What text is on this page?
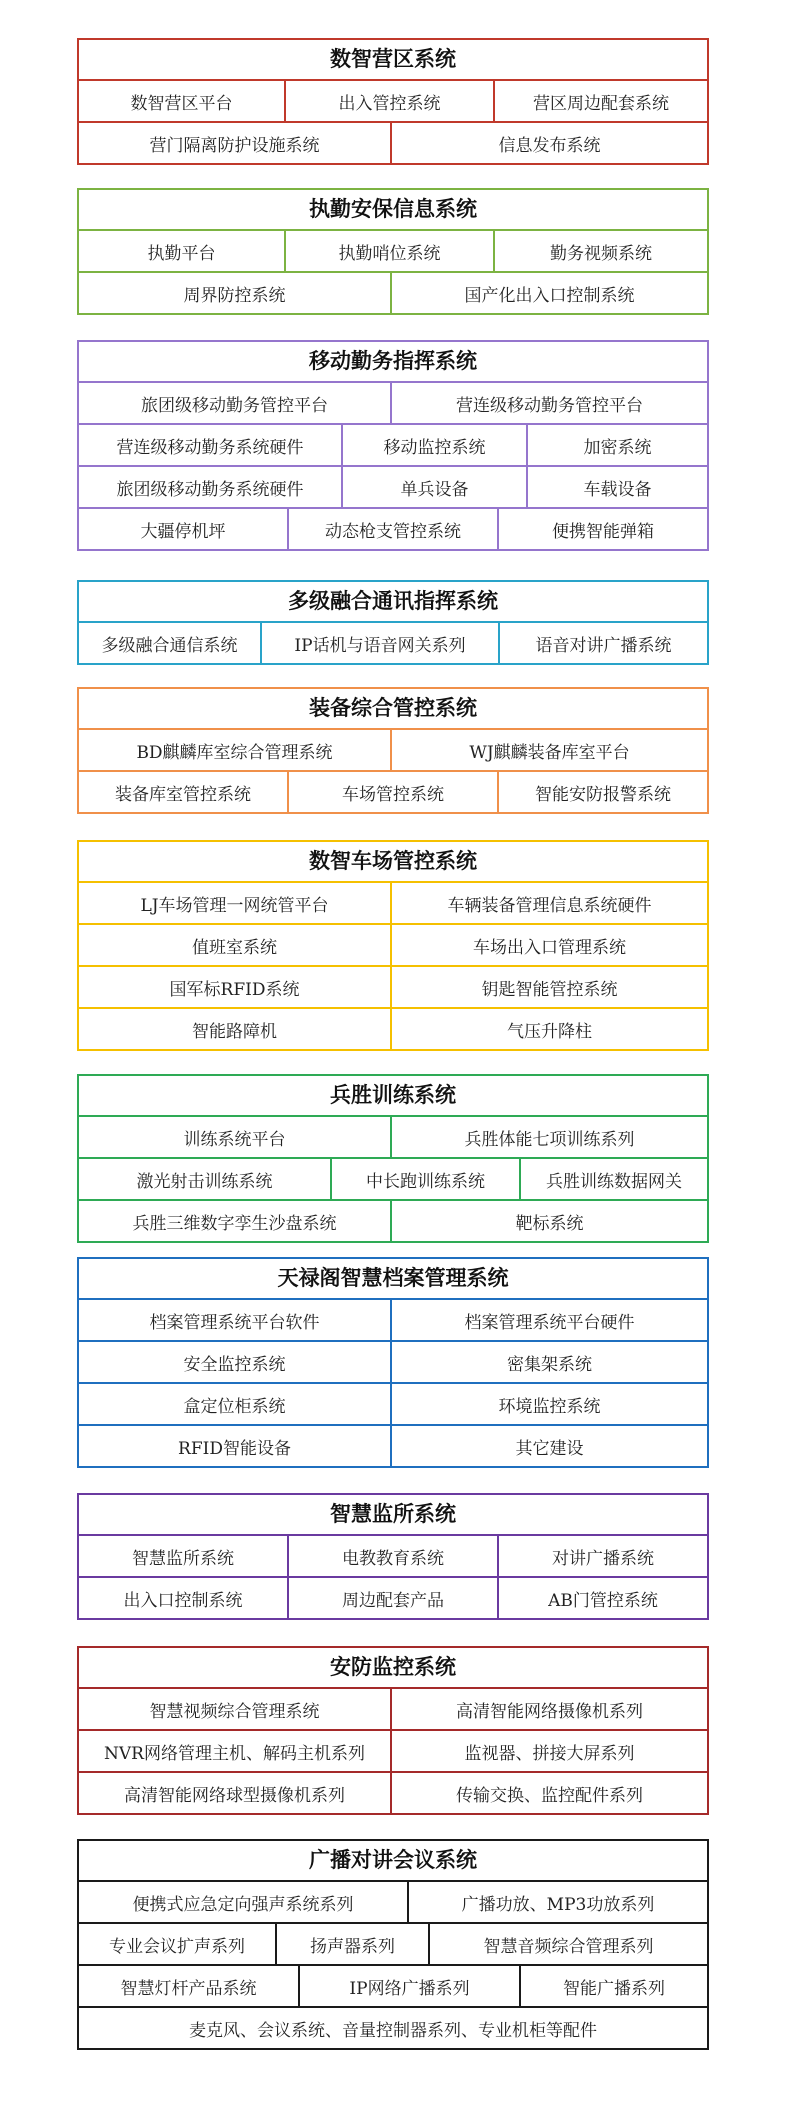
数智营区系统
数智营区平台	出入管控系统	营区周边配套系统
营门隔离防护设施系统	信息发布系统
执勤安保信息系统
执勤平台	执勤哨位系统	勤务视频系统
周界防控系统	国产化出入口控制系统
移动勤务指挥系统
旅团级移动勤务管控平台	营连级移动勤务管控平台
营连级移动勤务系统硬件	移动监控系统	加密系统
旅团级移动勤务系统硬件	单兵设备	车载设备
大疆停机坪	动态枪支管控系统	便携智能弹箱
多级融合通讯指挥系统
多级融合通信系统	IP话机与语音网关系列	语音对讲广播系统
装备综合管控系统
BD麒麟库室综合管理系统	WJ麒麟装备库室平台
装备库室管控系统	车场管控系统	智能安防报警系统
数智车场管控系统
LJ车场管理一网统管平台	车辆装备管理信息系统硬件
值班室系统	车场出入口管理系统
国军标RFID系统	钥匙智能管控系统
智能路障机	气压升降柱
兵胜训练系统
训练系统平台	兵胜体能七项训练系列
激光射击训练系统	中长跑训练系统	兵胜训练数据网关
兵胜三维数字孪生沙盘系统	靶标系统
天禄阁智慧档案管理系统
档案管理系统平台软件	档案管理系统平台硬件
安全监控系统	密集架系统
盒定位柜系统	环境监控系统
RFID智能设备	其它建设
智慧监所系统
智慧监所系统	电教教育系统	对讲广播系统
出入口控制系统	周边配套产品	AB门管控系统
安防监控系统
智慧视频综合管理系统	高清智能网络摄像机系列
NVR网络管理主机、解码主机系列	监视器、拼接大屏系列
高清智能网络球型摄像机系列	传输交换、监控配件系列
广播对讲会议系统
便携式应急定向强声系统系列	广播功放、MP3功放系列
专业会议扩声系列	扬声器系列	智慧音频综合管理系列
智慧灯杆产品系统	IP网络广播系列	智能广播系列
麦克风、会议系统、音量控制器系列、专业机柜等配件
